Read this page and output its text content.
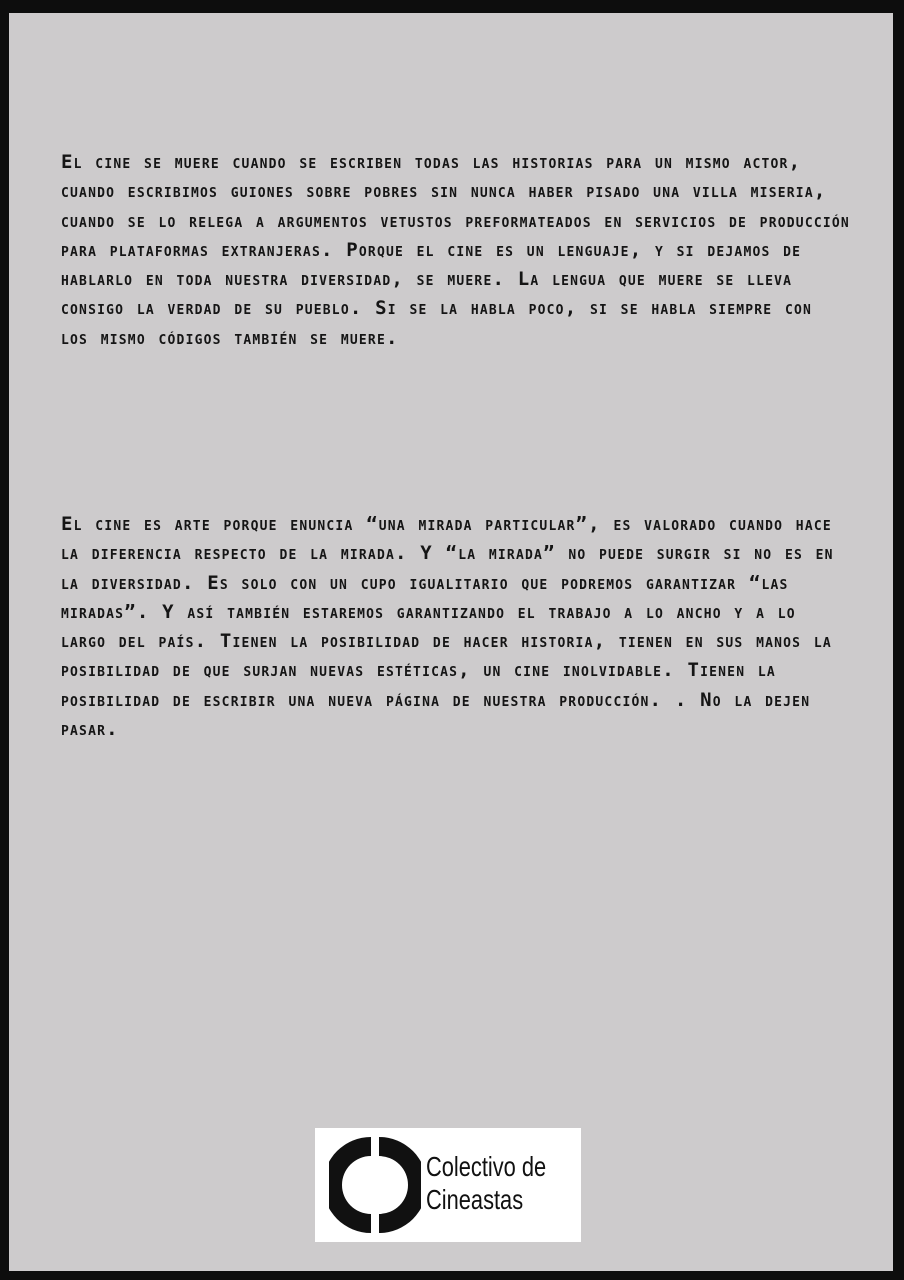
El cine se muere cuando se escriben todas las historias para un mismo actor, cuando escribimos guiones sobre pobres sin nunca haber pisado una villa miseria, cuando se lo relega a argumentos vetustos preformateados en servicios de producción para plataformas extranjeras. Porque el cine es un lenguaje, y si dejamos de hablarlo en toda nuestra diversidad, se muere. La lengua que muere se lleva consigo la verdad de su pueblo. Si se la habla poco, si se habla siempre con los mismo códigos también se muere.

El cine es arte porque enuncia “una mirada particular”, es valorado cuando hace la diferencia respecto de la mirada. Y “la mirada” no puede surgir si no es en la diversidad. Es solo con un cupo igualitario que podremos garantizar “las miradas”. Y así también estaremos garantizando el trabajo a lo ancho y a lo largo del país. Tienen la posibilidad de hacer historia, tienen en sus manos la posibilidad de que surjan nuevas estéticas, un cine inolvidable. Tienen la posibilidad de escribir una nueva página de nuestra producción. . No la dejen pasar.

Colectivo de
Cineastas
